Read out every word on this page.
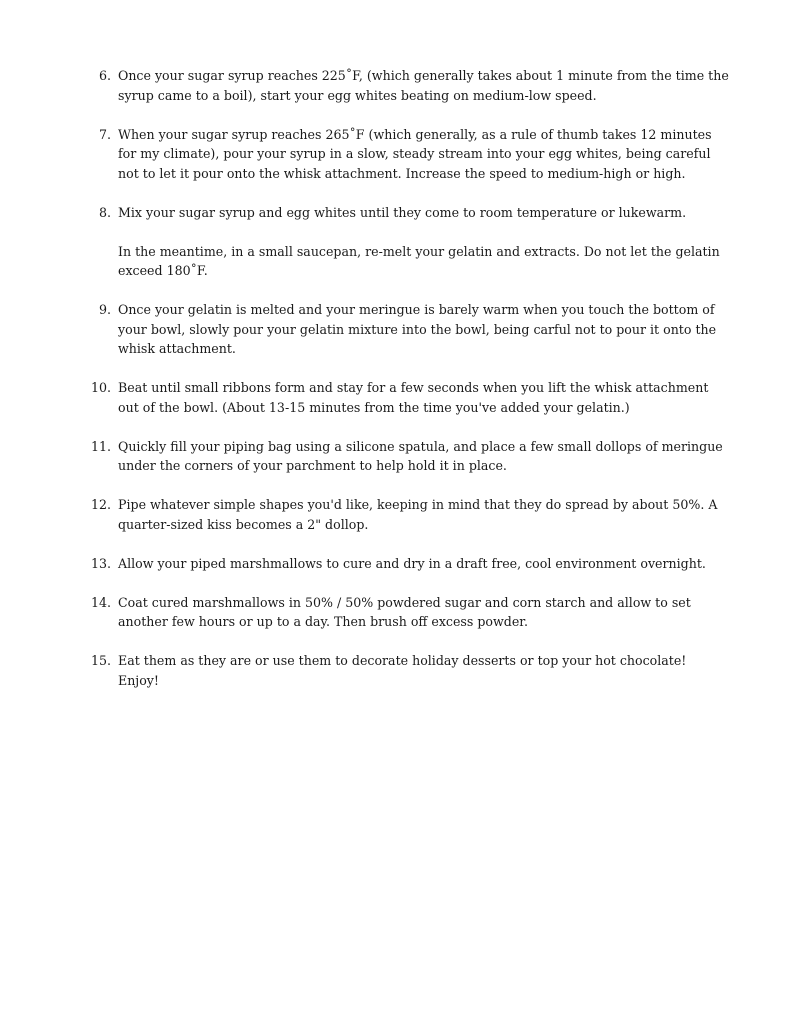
6. Once your sugar syrup reaches 225˚F, (which generally takes about 1 minute from the time the syrup came to a boil), start your egg whites beating on medium-low speed.
7. When your sugar syrup reaches 265˚F (which generally, as a rule of thumb takes 12 minutes for my climate), pour your syrup in a slow, steady stream into your egg whites, being careful not to let it pour onto the whisk attachment. Increase the speed to medium-high or high.
8. Mix your sugar syrup and egg whites until they come to room temperature or lukewarm.
In the meantime, in a small saucepan, re-melt your gelatin and extracts. Do not let the gelatin exceed 180˚F.
9. Once your gelatin is melted and your meringue is barely warm when you touch the bottom of your bowl, slowly pour your gelatin mixture into the bowl, being carful not to pour it onto the whisk attachment.
10. Beat until small ribbons form and stay for a few seconds when you lift the whisk attachment out of the bowl. (About 13-15 minutes from the time you've added your gelatin.)
11. Quickly fill your piping bag using a silicone spatula, and place a few small dollops of meringue under the corners of your parchment to help hold it in place.
12. Pipe whatever simple shapes you'd like, keeping in mind that they do spread by about 50%. A quarter-sized kiss becomes a 2" dollop.
13. Allow your piped marshmallows to cure and dry in a draft free, cool environment overnight.
14. Coat cured marshmallows in 50% / 50% powdered sugar and corn starch and allow to set another few hours or up to a day. Then brush off excess powder.
15. Eat them as they are or use them to decorate holiday desserts or top your hot chocolate!
Enjoy!
